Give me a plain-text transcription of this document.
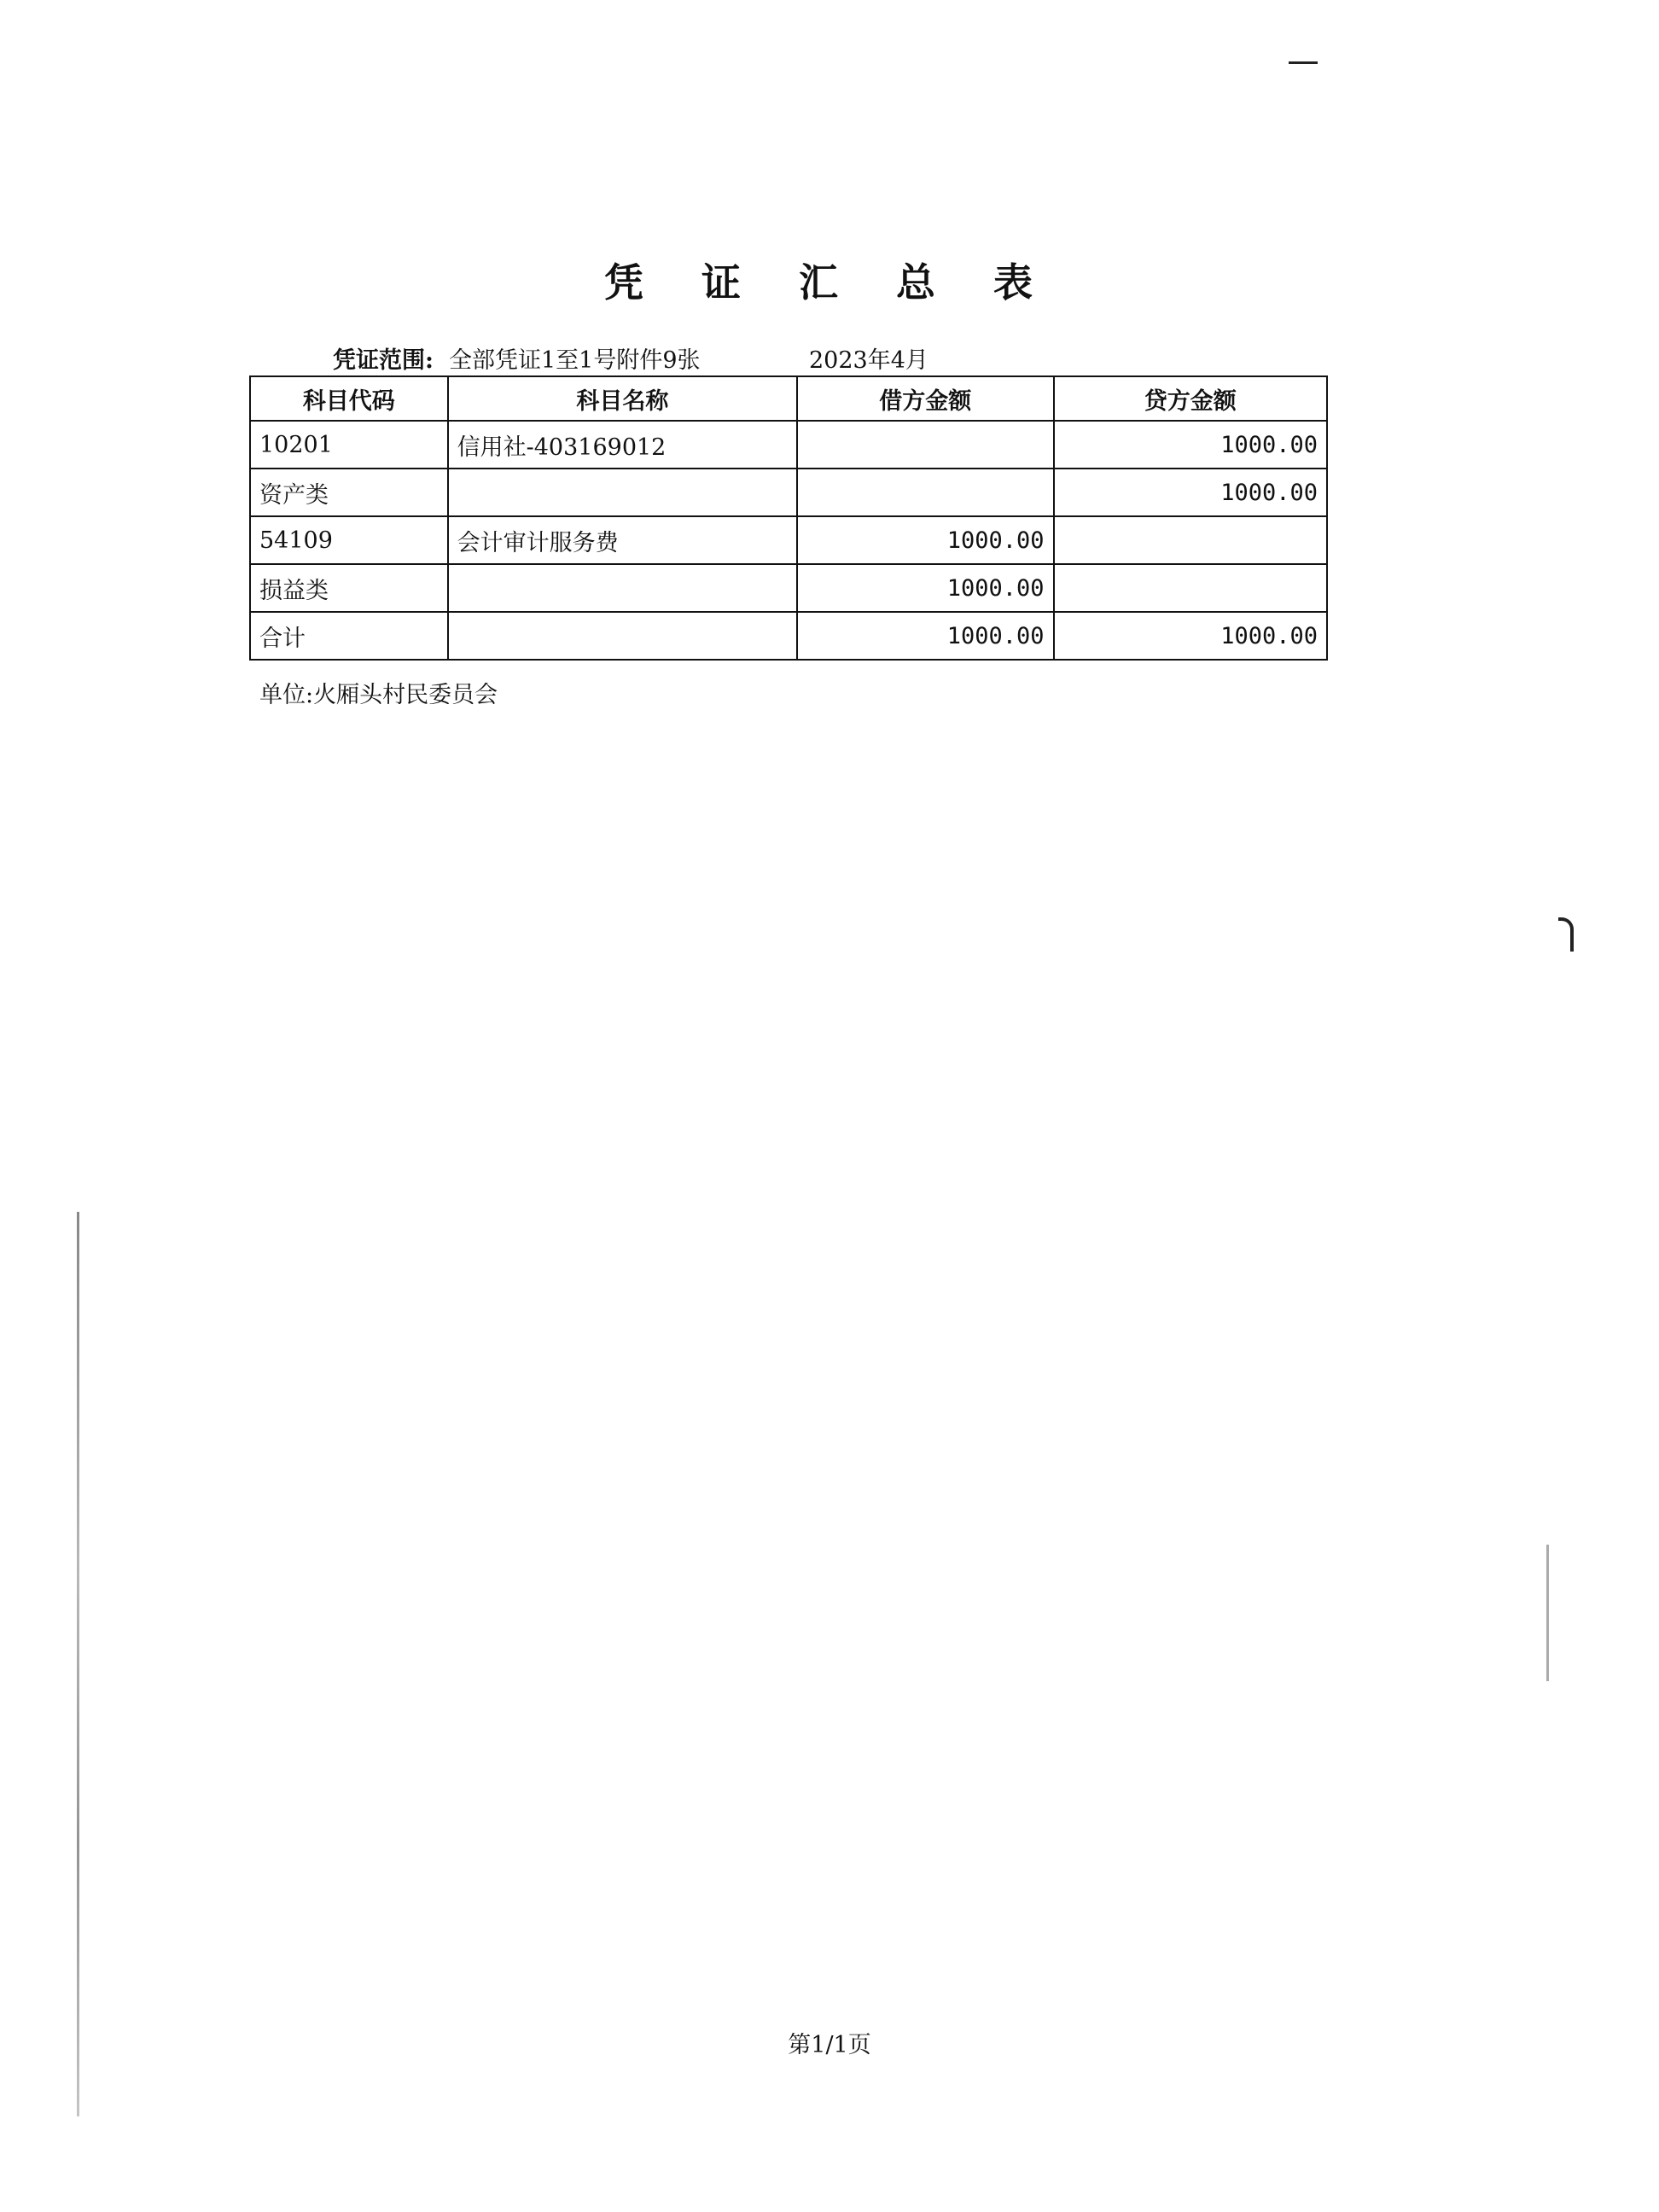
凭 证 汇 总 表
凭证范围: 全部凭证1至1号附件9张	2023年4月
科目代码	科目名称	借方金额	贷方金额
10201	信用社-403169012		1000.00
资产类			1000.00
54109	会计审计服务费	1000.00	
损益类		1000.00	
合计		1000.00	1000.00
单位:火厢头村民委员会
第1/1页
